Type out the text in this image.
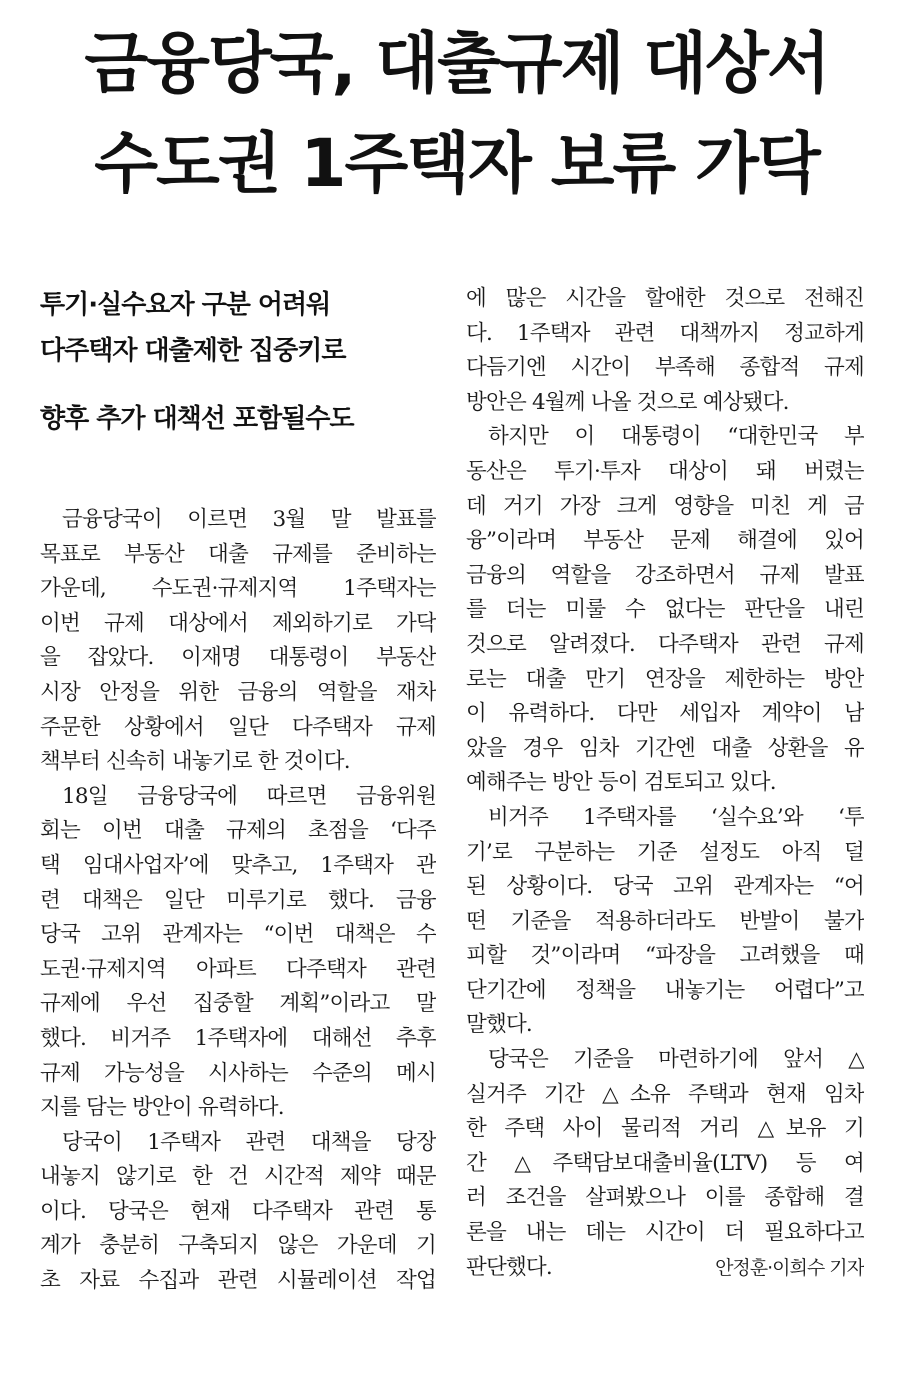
금융당국, 대출규제 대상서
수도권 1주택자 보류 가닥
투기·실수요자 구분 어려워
다주택자 대출제한 집중키로
향후 추가 대책선 포함될수도
금융당국이 이르면 3월 말 발표를
목표로 부동산 대출 규제를 준비하는
가운데, 수도권·규제지역 1주택자는
이번 규제 대상에서 제외하기로 가닥
을 잡았다. 이재명 대통령이 부동산
시장 안정을 위한 금융의 역할을 재차
주문한 상황에서 일단 다주택자 규제
책부터 신속히 내놓기로 한 것이다.
18일 금융당국에 따르면 금융위원
회는 이번 대출 규제의 초점을 ‘다주
택 임대사업자’에 맞추고, 1주택자 관
련 대책은 일단 미루기로 했다. 금융
당국 고위 관계자는 “이번 대책은 수
도권·규제지역 아파트 다주택자 관련
규제에 우선 집중할 계획”이라고 말
했다. 비거주 1주택자에 대해선 추후
규제 가능성을 시사하는 수준의 메시
지를 담는 방안이 유력하다.
당국이 1주택자 관련 대책을 당장
내놓지 않기로 한 건 시간적 제약 때문
이다. 당국은 현재 다주택자 관련 통
계가 충분히 구축되지 않은 가운데 기
초 자료 수집과 관련 시뮬레이션 작업
에 많은 시간을 할애한 것으로 전해진
다. 1주택자 관련 대책까지 정교하게
다듬기엔 시간이 부족해 종합적 규제
방안은 4월께 나올 것으로 예상됐다.
하지만 이 대통령이 “대한민국 부
동산은 투기·투자 대상이 돼 버렸는
데 거기 가장 크게 영향을 미친 게 금
융”이라며 부동산 문제 해결에 있어
금융의 역할을 강조하면서 규제 발표
를 더는 미룰 수 없다는 판단을 내린
것으로 알려졌다. 다주택자 관련 규제
로는 대출 만기 연장을 제한하는 방안
이 유력하다. 다만 세입자 계약이 남
았을 경우 임차 기간엔 대출 상환을 유
예해주는 방안 등이 검토되고 있다.
비거주 1주택자를 ‘실수요’와 ‘투
기’로 구분하는 기준 설정도 아직 덜
된 상황이다. 당국 고위 관계자는 “어
떤 기준을 적용하더라도 반발이 불가
피할 것”이라며 “파장을 고려했을 때
단기간에 정책을 내놓기는 어렵다”고
말했다.
당국은 기준을 마련하기에 앞서 △
실거주 기간 △소유 주택과 현재 임차
한 주택 사이 물리적 거리 △보유 기
간 △주택담보대출비율(LTV) 등 여
러 조건을 살펴봤으나 이를 종합해 결
론을 내는 데는 시간이 더 필요하다고
판단했다.	안정훈·이희수 기자
